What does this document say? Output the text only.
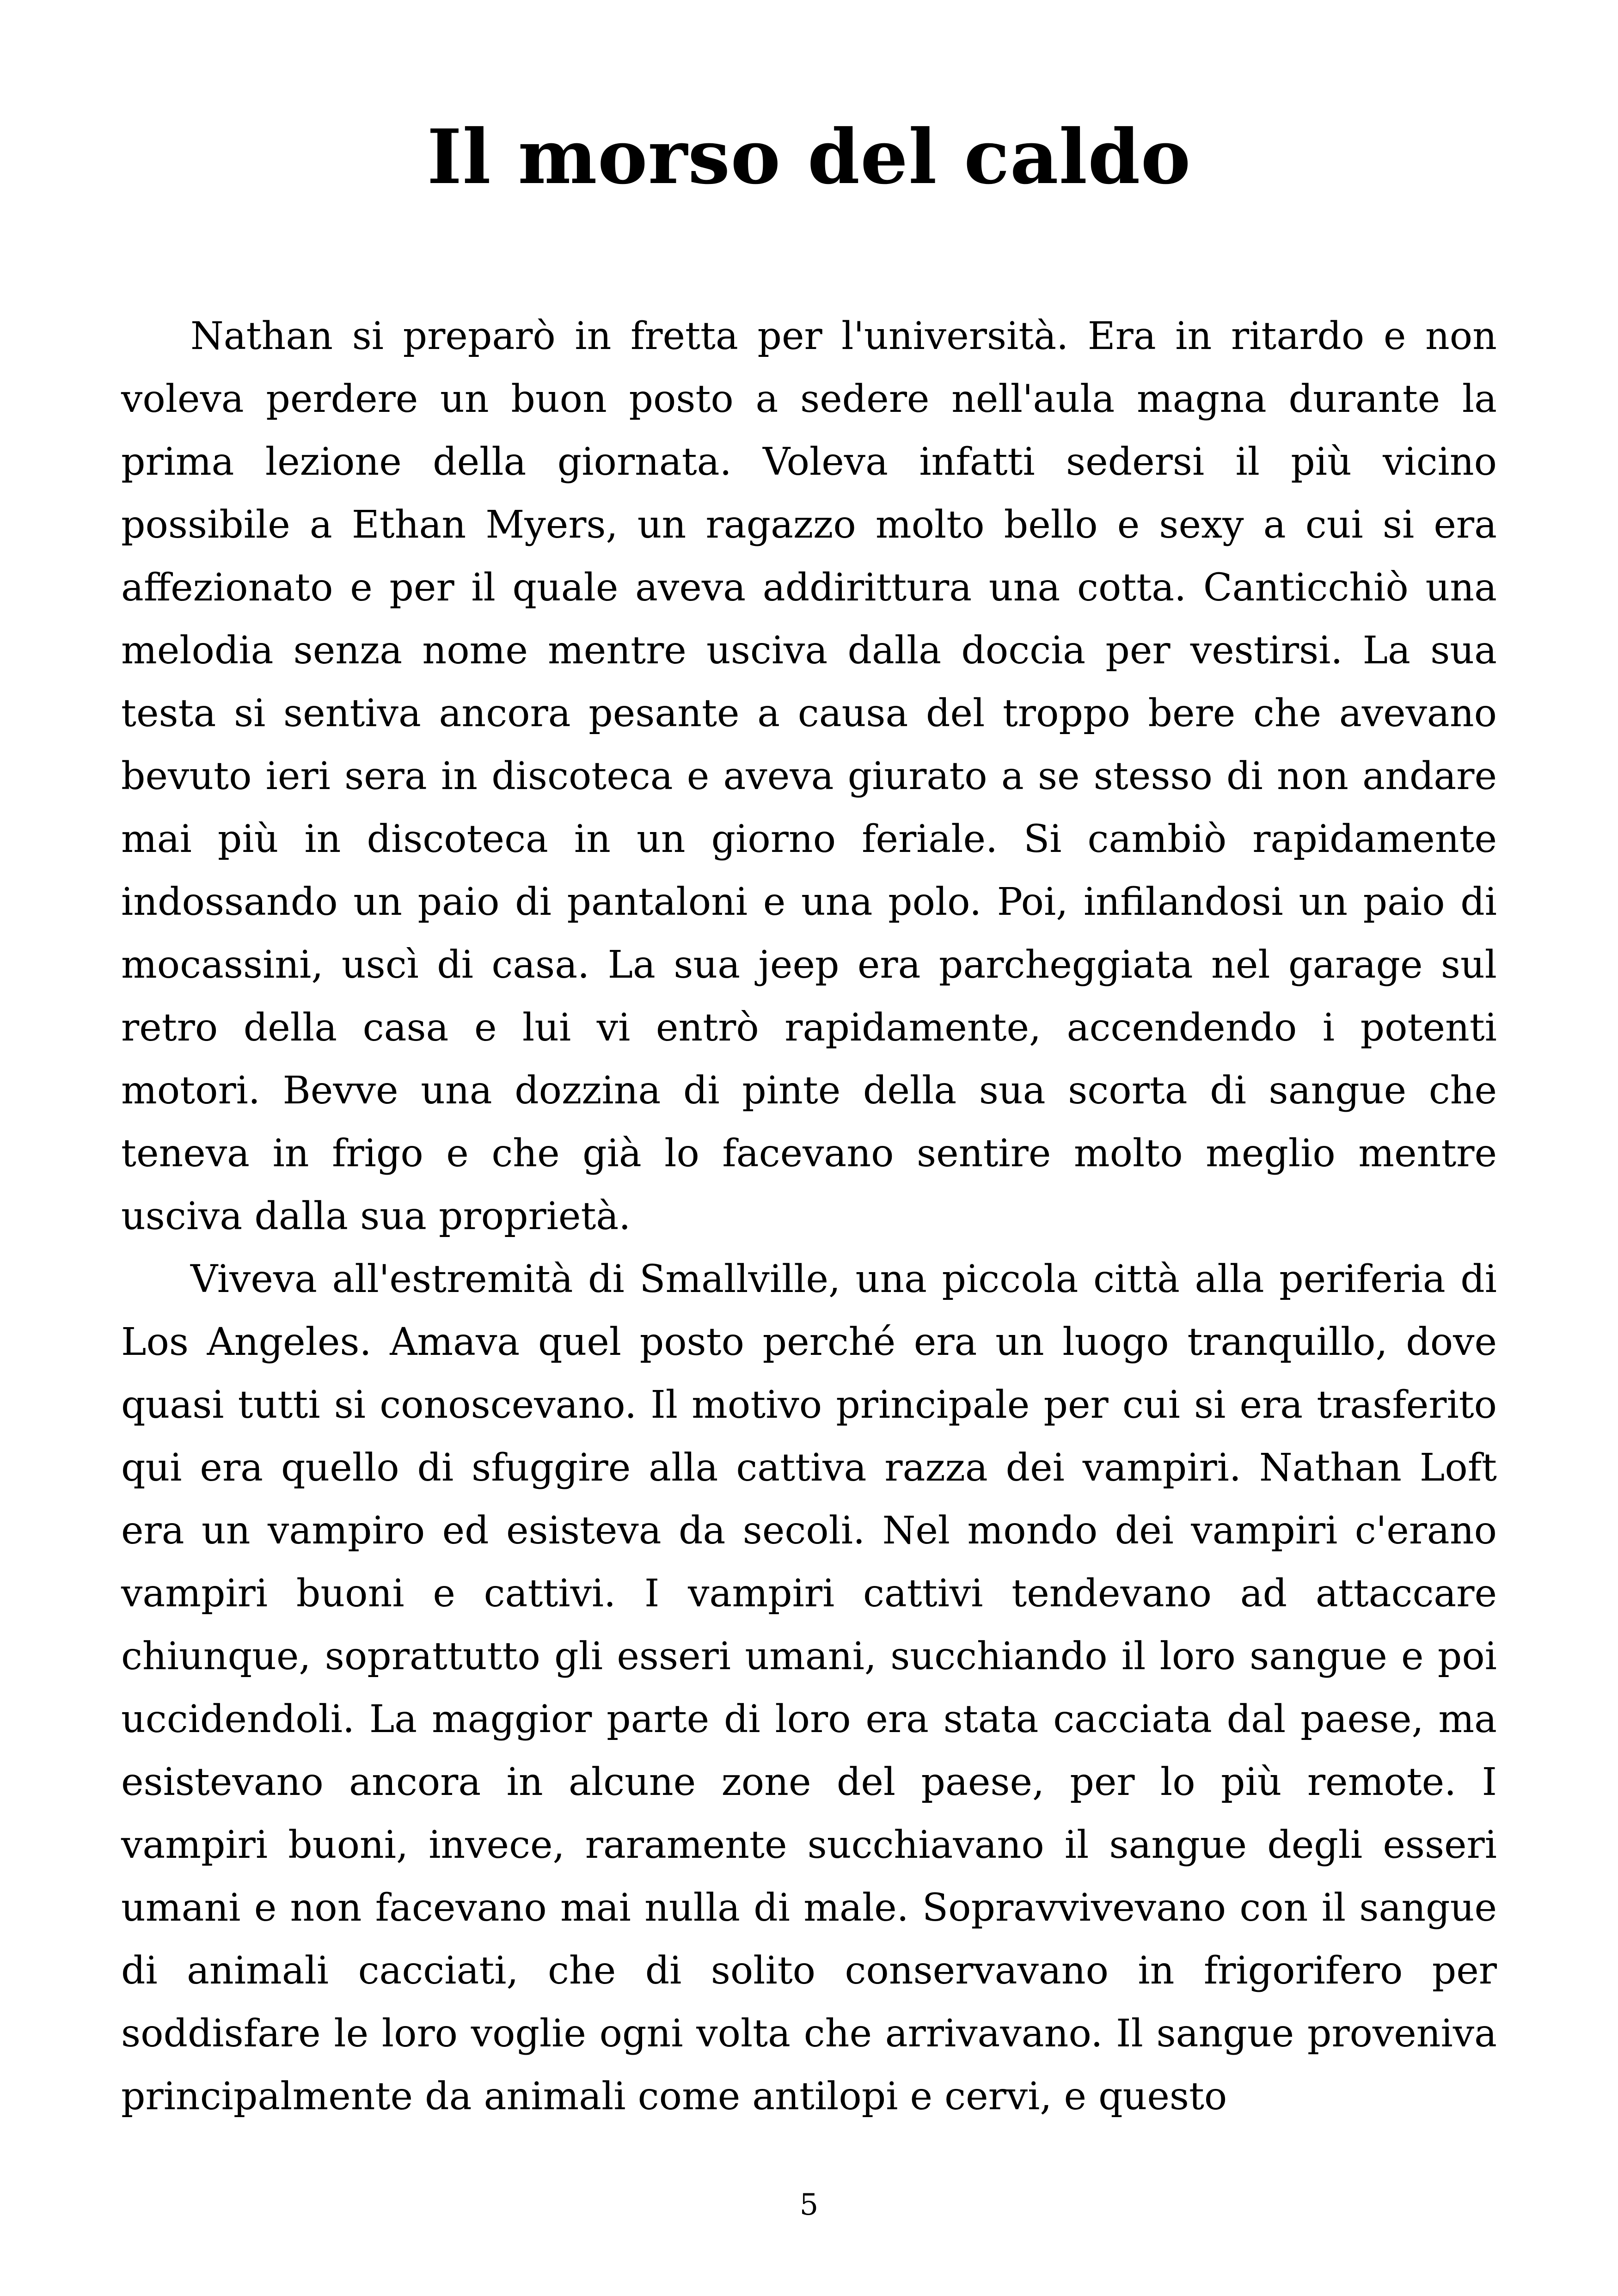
Il morso del caldo

Nathan si preparò in fretta per l'università. Era in ritardo e non voleva perdere un buon posto a sedere nell'aula magna durante la prima lezione della giornata. Voleva infatti sedersi il più vicino possibile a Ethan Myers, un ragazzo molto bello e sexy a cui si era affezionato e per il quale aveva addirittura una cotta. Canticchiò una melodia senza nome mentre usciva dalla doccia per vestirsi. La sua testa si sentiva ancora pesante a causa del troppo bere che avevano bevuto ieri sera in discoteca e aveva giurato a se stesso di non andare mai più in discoteca in un giorno feriale. Si cambiò rapidamente indossando un paio di pantaloni e una polo. Poi, infilandosi un paio di mocassini, uscì di casa. La sua jeep era parcheggiata nel garage sul retro della casa e lui vi entrò rapidamente, accendendo i potenti motori. Bevve una dozzina di pinte della sua scorta di sangue che teneva in frigo e che già lo facevano sentire molto meglio mentre usciva dalla sua proprietà.

Viveva all'estremità di Smallville, una piccola città alla periferia di Los Angeles. Amava quel posto perché era un luogo tranquillo, dove quasi tutti si conoscevano. Il motivo principale per cui si era trasferito qui era quello di sfuggire alla cattiva razza dei vampiri. Nathan Loft era un vampiro ed esisteva da secoli. Nel mondo dei vampiri c'erano vampiri buoni e cattivi. I vampiri cattivi tendevano ad attaccare chiunque, soprattutto gli esseri umani, succhiando il loro sangue e poi uccidendoli. La maggior parte di loro era stata cacciata dal paese, ma esistevano ancora in alcune zone del paese, per lo più remote. I vampiri buoni, invece, raramente succhiavano il sangue degli esseri umani e non facevano mai nulla di male. Sopravvivevano con il sangue di animali cacciati, che di solito conservavano in frigorifero per soddisfare le loro voglie ogni volta che arrivavano. Il sangue proveniva principalmente da animali come antilopi e cervi, e questo

5
